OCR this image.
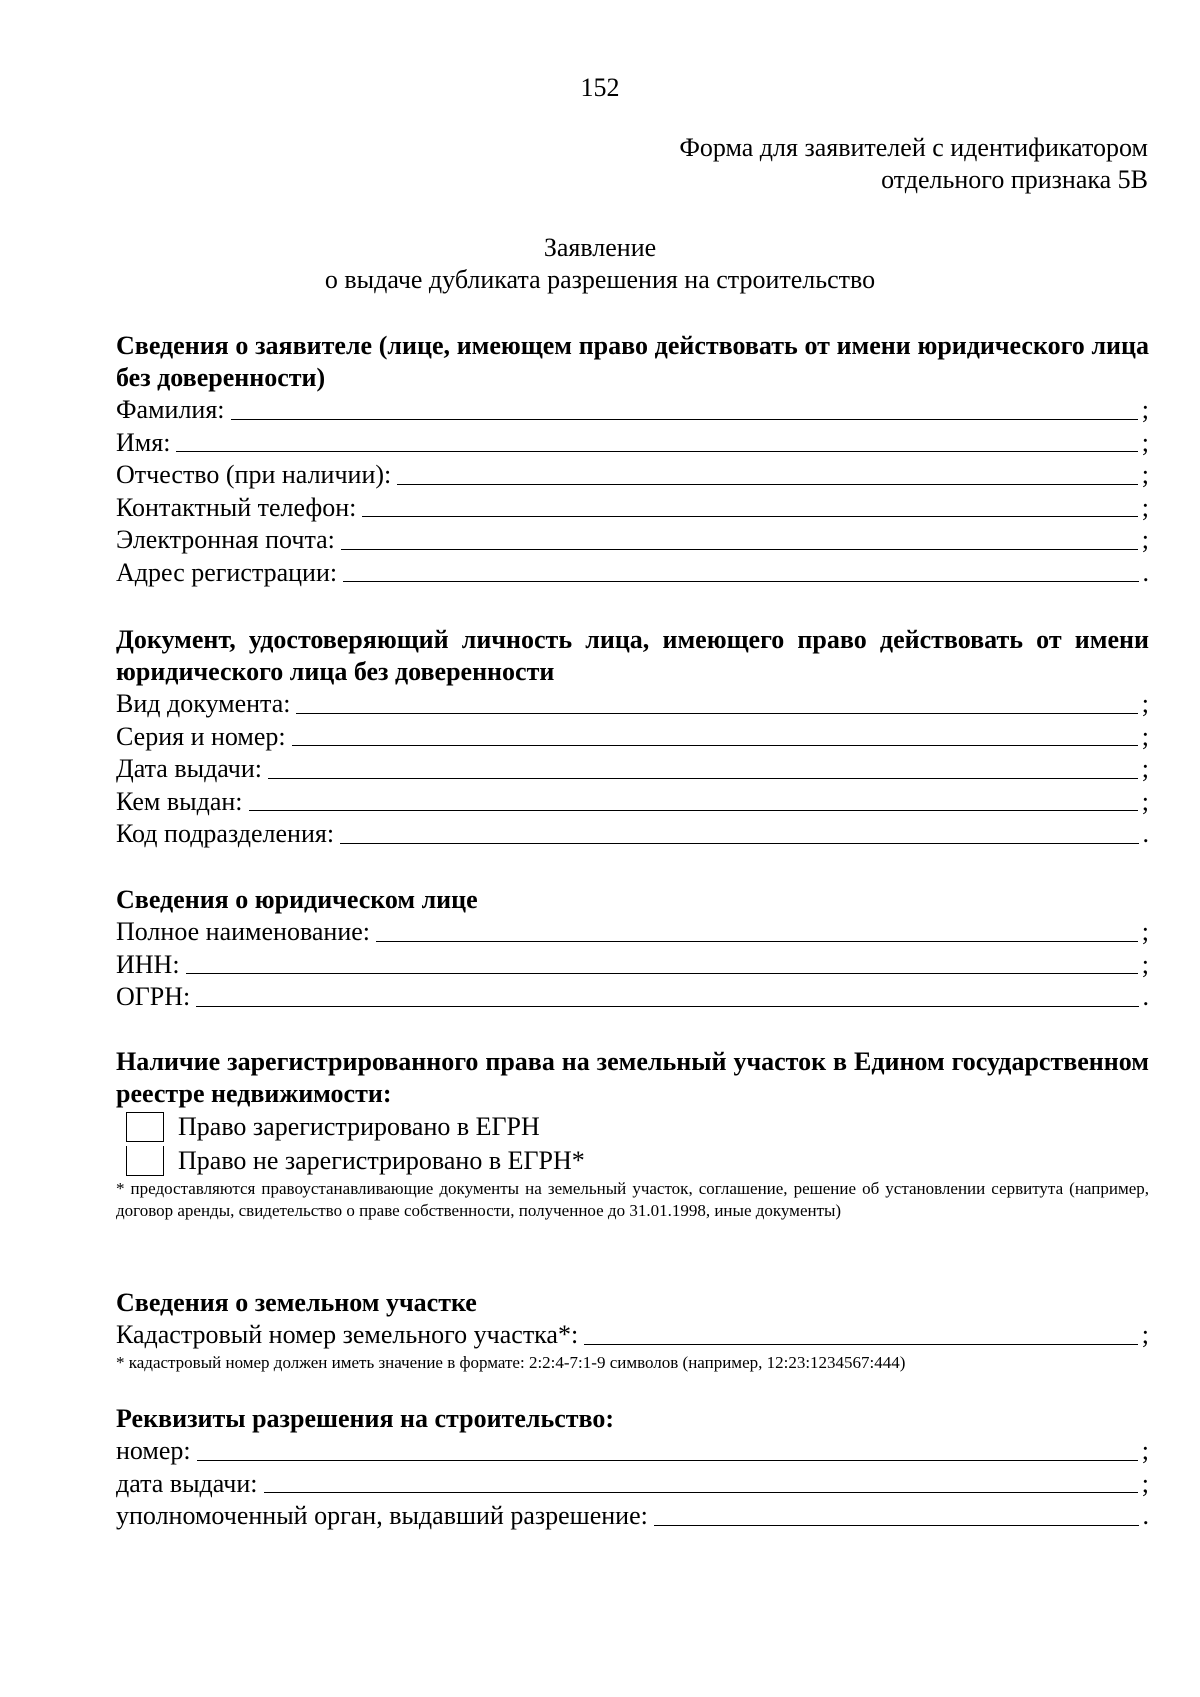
152
Форма для заявителей с идентификатором
отдельного признака 5В
Заявление
о выдаче дубликата разрешения на строительство
Сведения о заявителе (лице, имеющем право действовать от имени юридического лица без доверенности)
Фамилия:	;
Имя:	;
Отчество (при наличии):	;
Контактный телефон:	;
Электронная почта:	;
Адрес регистрации:	.
Документ, удостоверяющий личность лица, имеющего право действовать от имени юридического лица без доверенности
Вид документа:	;
Серия и номер:	;
Дата выдачи:	;
Кем выдан:	;
Код подразделения:	.
Сведения о юридическом лице
Полное наименование:	;
ИНН:	;
ОГРН:	.
Наличие зарегистрированного права на земельный участок в Едином государственном реестре недвижимости:
Право зарегистрировано в ЕГРН
Право не зарегистрировано в ЕГРН*
* предоставляются правоустанавливающие документы на земельный участок, соглашение, решение об установлении сервитута (например, договор аренды, свидетельство о праве собственности, полученное до 31.01.1998, иные документы)
Сведения о земельном участке
Кадастровый номер земельного участка*:	;
* кадастровый номер должен иметь значение в формате: 2:2:4-7:1-9 символов (например, 12:23:1234567:444)
Реквизиты разрешения на строительство:
номер:	;
дата выдачи:	;
уполномоченный орган, выдавший разрешение:	.
